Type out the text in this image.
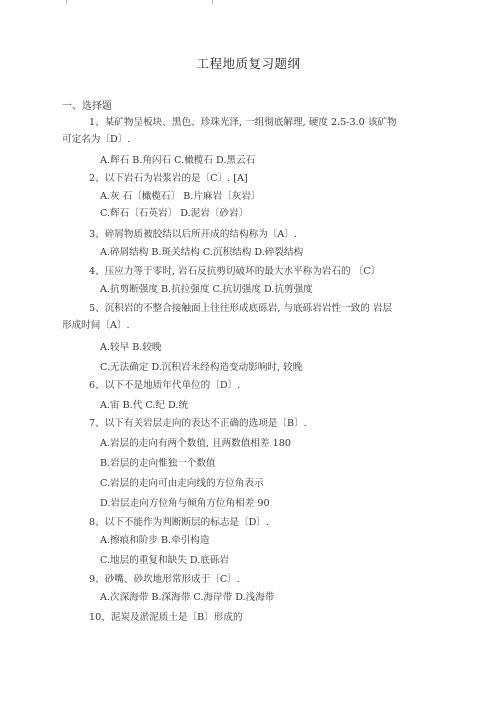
工程地质复习题纲
一、选择题
1、某矿物呈板块、黑色、珍珠光泽, 一组彻底解理, 硬度 2.5-3.0 该矿物
可定名为〔D〕.
A.辉石 B.角闪石 C.橄榄石 D.黑云石
2、以下岩石为岩浆岩的是〔C〕. [A]
A.灰 石〔橄榄石〕 B.片麻岩〔灰岩〕
C.辉石〔石英岩〕 D.泥岩〔砂岩〕
3、碎屑物质被胶结以后所开成的结构称为〔A〕.
A.碎屑结构 B.斑关结构 C.沉积结构 D.碎裂结构
4、压应力等于零时, 岩石反抗剪切破坏的最大水平称为岩石的 〔C〕
A.抗剪断强度 B.抗拉强度 C.抗切强度 D.抗剪强度
5、沉积岩的不整合接触面上往往形成底砾岩, 与底砾岩岩性一致的 岩层
形成时间〔A〕.
A.较早 B.较晚
C.无法确定 D.沉积岩未经构造变动影响时, 较晚
6、以下不是地质年代单位的〔D〕.
A.宙 B.代 C.纪 D.统
7、以下有关岩层走向的表达不正确的选项是〔B〕.
A.岩层的走向有两个数值, 且两数值相差 180
B.岩层的走向惟独一个数值
C.岩层的走向可由走向线的方位角表示
D.岩层走向方位角与倾角方位角相差 90
8、以下不能作为判断断层的标志是〔D〕.
A.擦痕和阶步 B.牵引构造
C.地层的重复和缺失 D.底砾岩
9、砂嘴、砂坎地形常形成于〔C〕.
A.次深海带 B.深海带 C.海岸带 D.浅海带
10、泥炭及淤泥质土是〔B〕形成的
